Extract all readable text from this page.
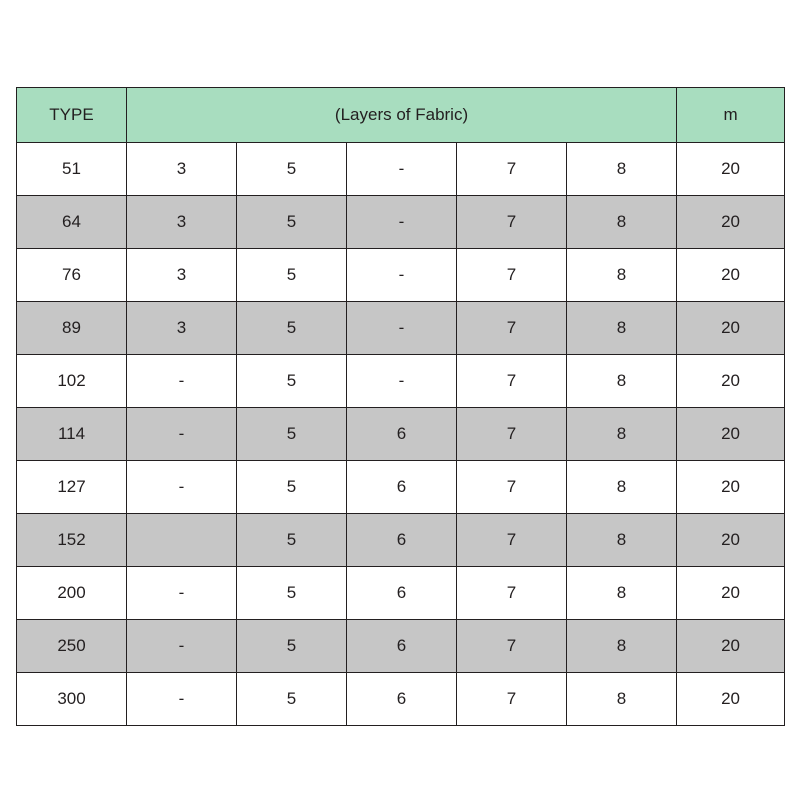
TYPE	(Layers of Fabric)					m
51	3	5	-	7	8	20
64	3	5	-	7	8	20
76	3	5	-	7	8	20
89	3	5	-	7	8	20
102	-	5	-	7	8	20
114	-	5	6	7	8	20
127	-	5	6	7	8	20
152		5	6	7	8	20
200	-	5	6	7	8	20
250	-	5	6	7	8	20
300	-	5	6	7	8	20
